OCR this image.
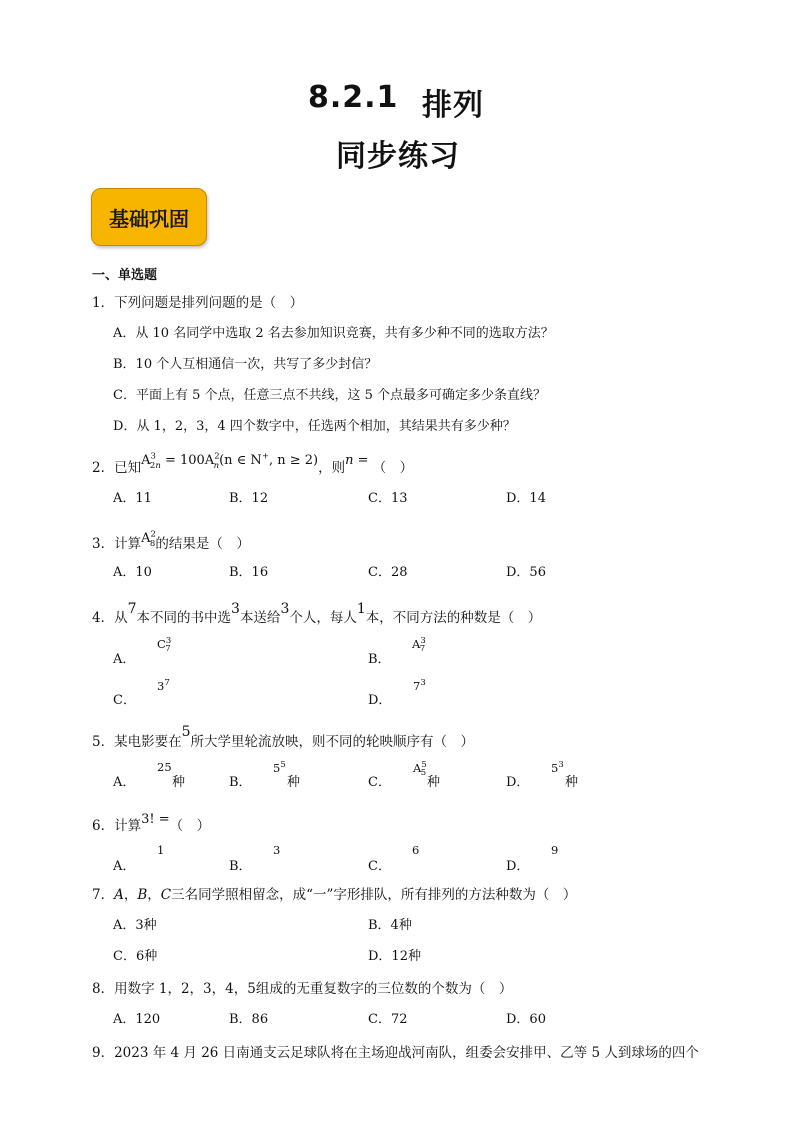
8.2.1 排列
同步练习
基础巩固
一、单选题
1．下列问题是排列问题的是（　）
A．从 10 名同学中选取 2 名去参加知识竞赛，共有多少种不同的选取方法？
B．10 个人互相通信一次，共写了多少封信？
C．平面上有 5 个点，任意三点不共线，这 5 个点最多可确定多少条直线？
D．从 1，2，3，4 四个数字中，任选两个相加，其结果共有多少种？
2．已知$A^3_{2n} = 100A^2_n(n$ ∈ N+, n ≥ 2)，则n = （　）
A．11	B．12	C．13	D．14
3．计算$A^2_8$的结果是（　）
A．10	B．16	C．28	D．56
4．从7本不同的书中选3本送给3个人，每人1本，不同方法的种数是（　）
A．
$C^3_7$
B．
$A^3_7$
C．
$3^7$
D．
$7^3$
5．某电影要在5所大学里轮流放映，则不同的轮映顺序有（　）
A．
25
种	B．
$5^5$
种	C．
$A^5_5$
种	D．
$5^3$
种
6．计算3! =（　）
A．
1
B．
3
C．
6
D．
9
7．A，B，C三名同学照相留念，成“一”字形排队，所有排列的方法种数为（　）
A．3种	B．4种
C．6种	D．12种
8．用数字 1，2，3，4，5组成的无重复数字的三位数的个数为（　）
A．120	B．86	C．72	D．60
9．2023 年 4 月 26 日南通支云足球队将在主场迎战河南队，组委会安排甲、乙等 5 人到球场的四个
